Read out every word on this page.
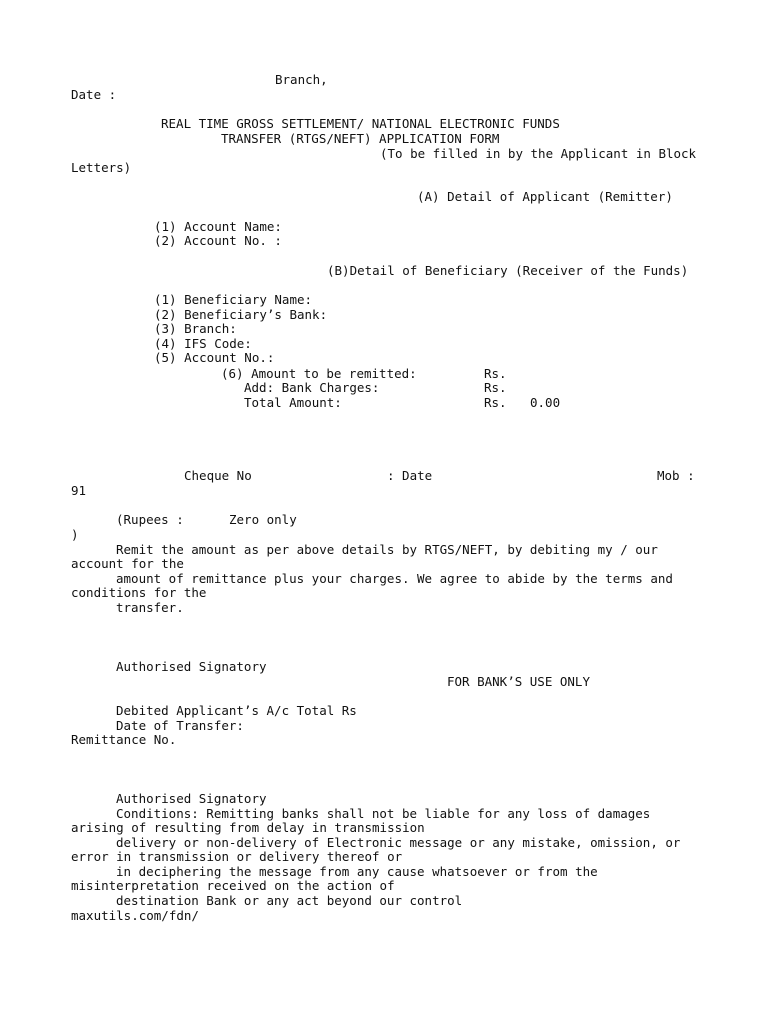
Branch,
Date :
REAL TIME GROSS SETTLEMENT/ NATIONAL ELECTRONIC FUNDS
TRANSFER (RTGS/NEFT) APPLICATION FORM
(To be filled in by the Applicant in Block
Letters)
(A) Detail of Applicant (Remitter)
(1) Account Name:
(2) Account No. :
(B)Detail of Beneficiary (Receiver of the Funds)
(1) Beneficiary Name:
(2) Beneficiary’s Bank:
(3) Branch:
(4) IFS Code:
(5) Account No.:
(6) Amount to be remitted:	Rs.
Add: Bank Charges:	Rs.
Total Amount:	Rs. 0.00
Cheque No	: Date	Mob :
91
(Rupees :	Zero only
)
Remit the amount as per above details by RTGS/NEFT, by debiting my / our
account for the
amount of remittance plus your charges. We agree to abide by the terms and
conditions for the
transfer.
Authorised Signatory
FOR BANK’S USE ONLY
Debited Applicant’s A/c Total Rs
Date of Transfer:
Remittance No.
Authorised Signatory
Conditions: Remitting banks shall not be liable for any loss of damages
arising of resulting from delay in transmission
delivery or non-delivery of Electronic message or any mistake, omission, or
error in transmission or delivery thereof or
in deciphering the message from any cause whatsoever or from the
misinterpretation received on the action of
destination Bank or any act beyond our control
maxutils.com/fdn/
